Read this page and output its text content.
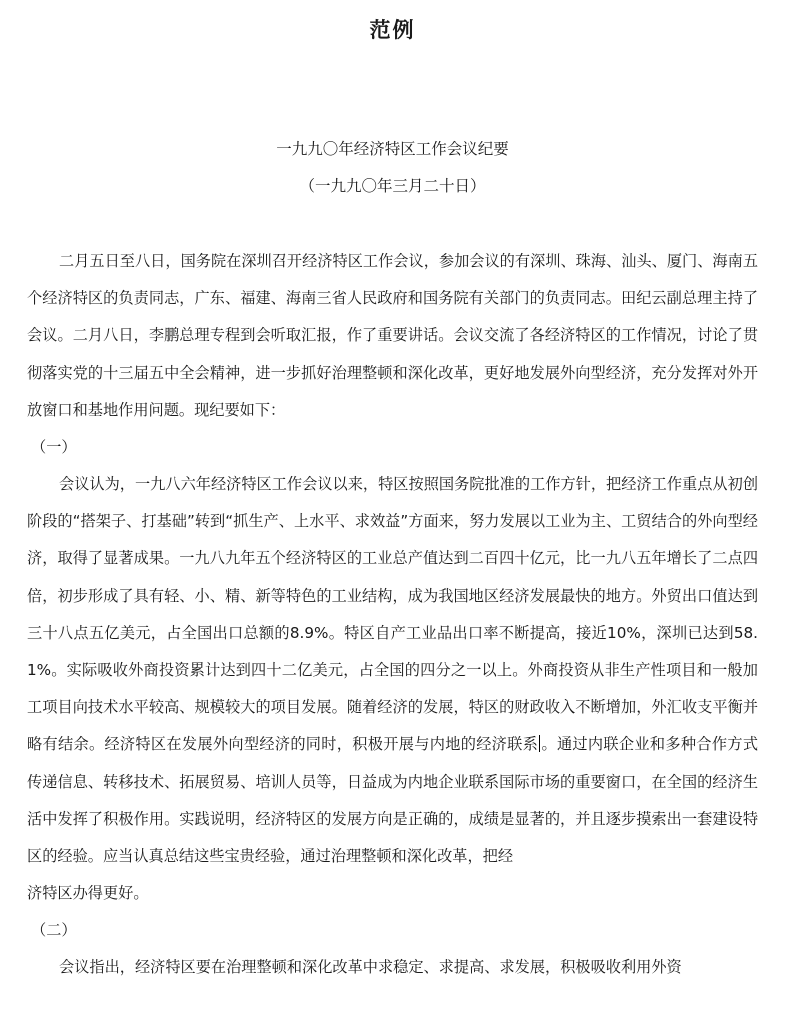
范例

一九九〇年经济特区工作会议纪要

（一九九〇年三月二十日）

二月五日至八日，国务院在深圳召开经济特区工作会议，参加会议的有深圳、珠海、汕头、厦门、海南五个经济特区的负责同志，广东、福建、海南三省人民政府和国务院有关部门的负责同志。田纪云副总理主持了会议。二月八日，李鹏总理专程到会听取汇报，作了重要讲话。会议交流了各经济特区的工作情况，讨论了贯彻落实党的十三届五中全会精神，进一步抓好治理整顿和深化改革，更好地发展外向型经济，充分发挥对外开放窗口和基地作用问题。现纪要如下：

（一）

会议认为，一九八六年经济特区工作会议以来，特区按照国务院批准的工作方针，把经济工作重点从初创阶段的“搭架子、打基础”转到“抓生产、上水平、求效益”方面来，努力发展以工业为主、工贸结合的外向型经济，取得了显著成果。一九八九年五个经济特区的工业总产值达到二百四十亿元，比一九八五年增长了二点四倍，初步形成了具有轻、小、精、新等特色的工业结构，成为我国地区经济发展最快的地方。外贸出口值达到三十八点五亿美元，占全国出口总额的8.9%。特区自产工业品出口率不断提高，接近10%，深圳已达到58.1%。实际吸收外商投资累计达到四十二亿美元，占全国的四分之一以上。外商投资从非生产性项目和一般加工项目向技术水平较高、规模较大的项目发展。随着经济的发展，特区的财政收入不断增加，外汇收支平衡并略有结余。经济特区在发展外向型经济的同时，积极开展与内地的经济联系 。通过内联企业和多种合作方式传递信息、转移技术、拓展贸易、培训人员等，日益成为内地企业联系国际市场的重要窗口，在全国的经济生活中发挥了积极作用。实践说明，经济特区的发展方向是正确的，成绩是显著的，并且逐步摸索出一套建设特区的经验。应当认真总结这些宝贵经验，通过治理整顿和深化改革，把经

济特区办得更好。

（二）

会议指出，经济特区要在治理整顿和深化改革中求稳定、求提高、求发展，积极吸收利用外资
